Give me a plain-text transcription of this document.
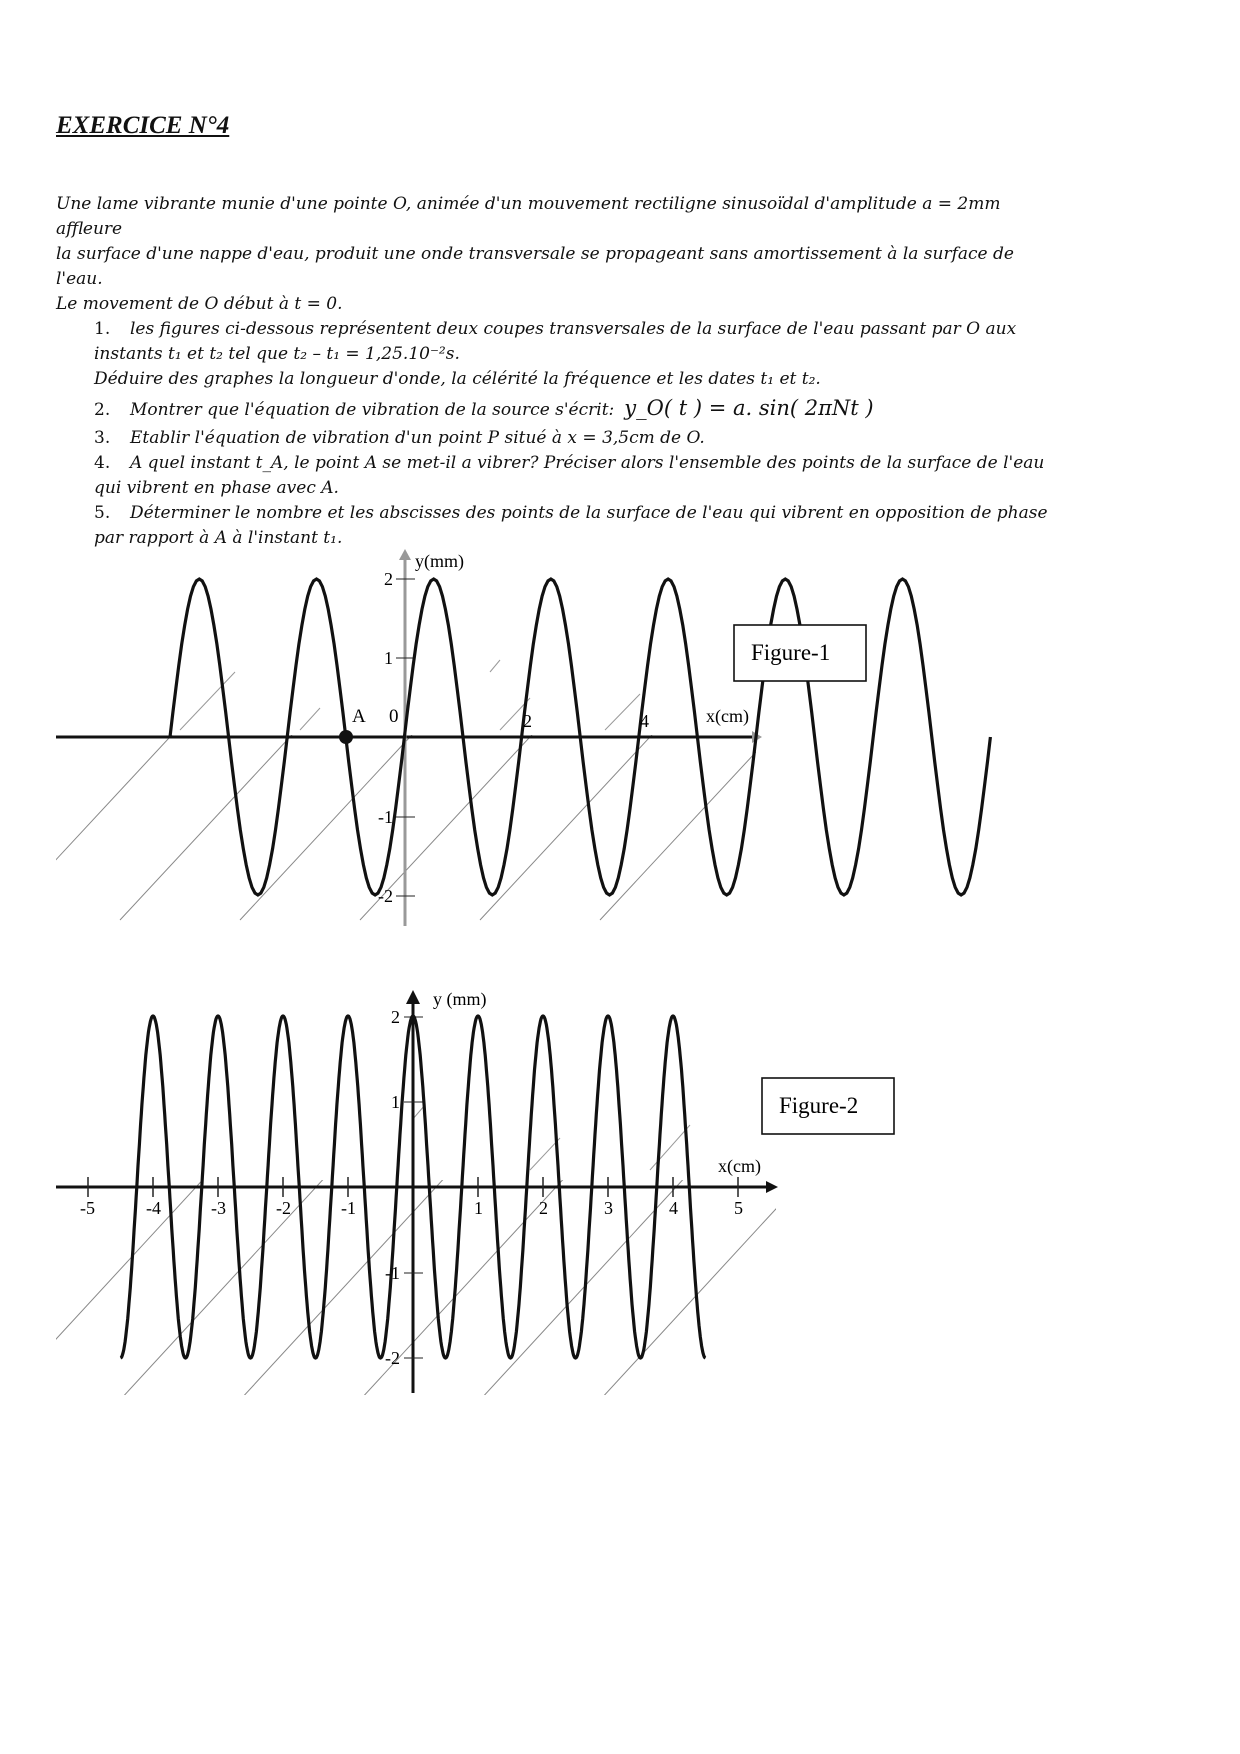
EXERCICE N°4

Une lame vibrante munie d'une pointe O, animée d'un mouvement rectiligne sinusoïdal d'amplitude a = 2mm affleure

la surface d'une nappe d'eau, produit une onde transversale se propageant sans amortissement à la surface de l'eau.

Le movement de O début à t = 0.

1. les figures ci-dessous représentent deux coupes transversales de la surface de l'eau passant par O aux

instants t₁ et t₂ tel que t₂ – t₁ = 1,25.10⁻²s.

Déduire des graphes la longueur d'onde, la célérité la fréquence et les dates t₁ et t₂.

2. Montrer que l'équation de vibration de la source s'écrit: y_O( t ) = a. sin( 2πNt )

3. Etablir l'équation de vibration d'un point P situé à x = 3,5cm de O.

4. A quel instant t_A, le point A se met-il a vibrer? Préciser alors l'ensemble des points de la surface de l'eau

qui vibrent en phase avec A.

5. Déterminer le nombre et les abscisses des points de la surface de l'eau qui vibrent en opposition de phase

par rapport à A à l'instant t₁.

y(mm)
2
1
-1
-2
A 0	2	4	x(cm)
Figure-1
y (mm)
2
1
-1
-2
-5	-4	-3	-2	-1	1	2	3	4	5
x(cm)
Figure-2
